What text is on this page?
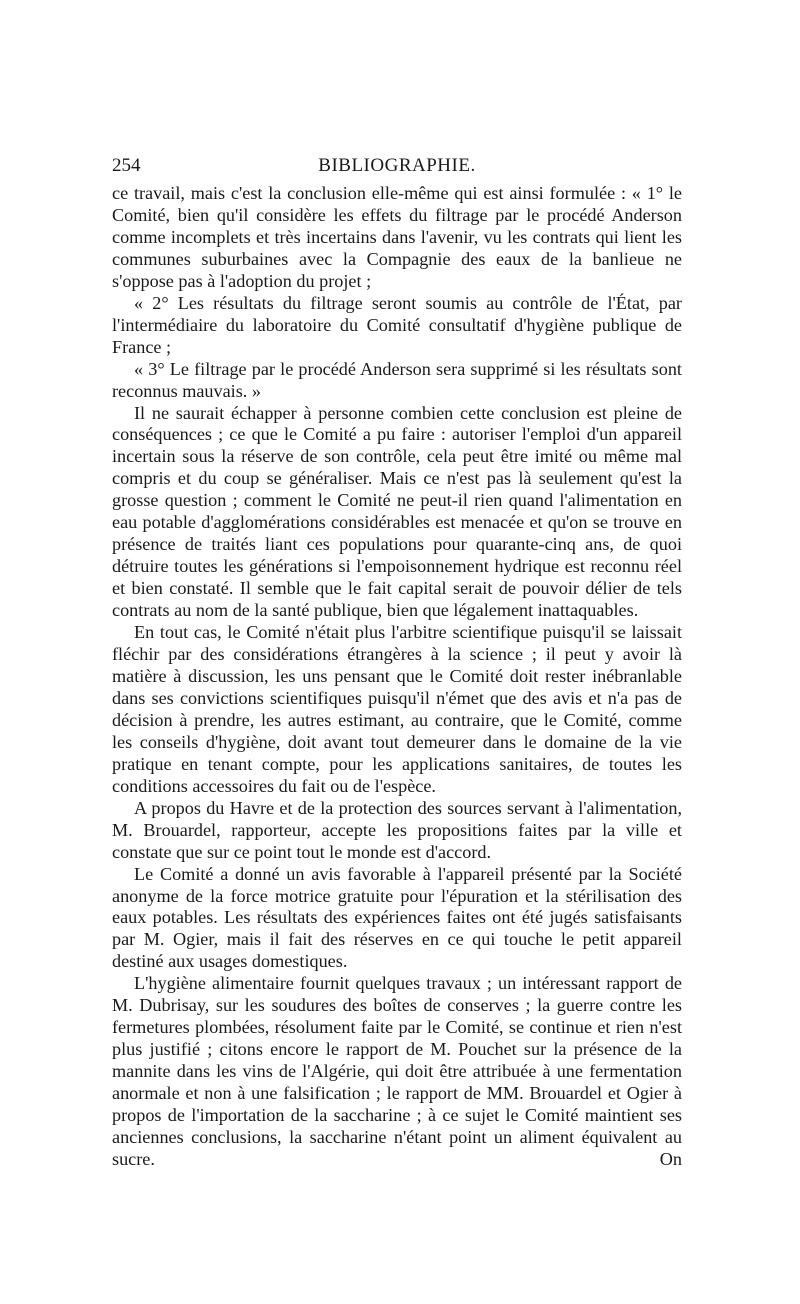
254	BIBLIOGRAPHIE.

ce travail, mais c'est la conclusion elle-même qui est ainsi formulée : « 1° le Comité, bien qu'il considère les effets du filtrage par le procédé Anderson comme incomplets et très incertains dans l'avenir, vu les contrats qui lient les communes suburbaines avec la Compagnie des eaux de la banlieue ne s'oppose pas à l'adoption du projet ;

« 2° Les résultats du filtrage seront soumis au contrôle de l'État, par l'intermédiaire du laboratoire du Comité consultatif d'hygiène publique de France ;

« 3° Le filtrage par le procédé Anderson sera supprimé si les résultats sont reconnus mauvais. »

Il ne saurait échapper à personne combien cette conclusion est pleine de conséquences ; ce que le Comité a pu faire : autoriser l'emploi d'un appareil incertain sous la réserve de son contrôle, cela peut être imité ou même mal compris et du coup se généraliser. Mais ce n'est pas là seulement qu'est la grosse question ; comment le Comité ne peut-il rien quand l'alimentation en eau potable d'agglomérations considérables est menacée et qu'on se trouve en présence de traités liant ces populations pour quarante-cinq ans, de quoi détruire toutes les générations si l'empoisonnement hydrique est reconnu réel et bien constaté. Il semble que le fait capital serait de pouvoir délier de tels contrats au nom de la santé publique, bien que légalement inattaquables.

En tout cas, le Comité n'était plus l'arbitre scientifique puisqu'il se laissait fléchir par des considérations étrangères à la science ; il peut y avoir là matière à discussion, les uns pensant que le Comité doit rester inébranlable dans ses convictions scientifiques puisqu'il n'émet que des avis et n'a pas de décision à prendre, les autres estimant, au contraire, que le Comité, comme les conseils d'hygiène, doit avant tout demeurer dans le domaine de la vie pratique en tenant compte, pour les applications sanitaires, de toutes les conditions accessoires du fait ou de l'espèce.

A propos du Havre et de la protection des sources servant à l'alimentation, M. Brouardel, rapporteur, accepte les propositions faites par la ville et constate que sur ce point tout le monde est d'accord.

Le Comité a donné un avis favorable à l'appareil présenté par la Société anonyme de la force motrice gratuite pour l'épuration et la stérilisation des eaux potables. Les résultats des expériences faites ont été jugés satisfaisants par M. Ogier, mais il fait des réserves en ce qui touche le petit appareil destiné aux usages domestiques.

L'hygiène alimentaire fournit quelques travaux ; un intéressant rapport de M. Dubrisay, sur les soudures des boîtes de conserves ; la guerre contre les fermetures plombées, résolument faite par le Comité, se continue et rien n'est plus justifié ; citons encore le rapport de M. Pouchet sur la présence de la mannite dans les vins de l'Algérie, qui doit être attribuée à une fermentation anormale et non à une falsification ; le rapport de MM. Brouardel et Ogier à propos de l'importation de la saccharine ; à ce sujet le Comité maintient ses anciennes conclusions, la saccharine n'étant point un aliment équivalent au sucre. On
